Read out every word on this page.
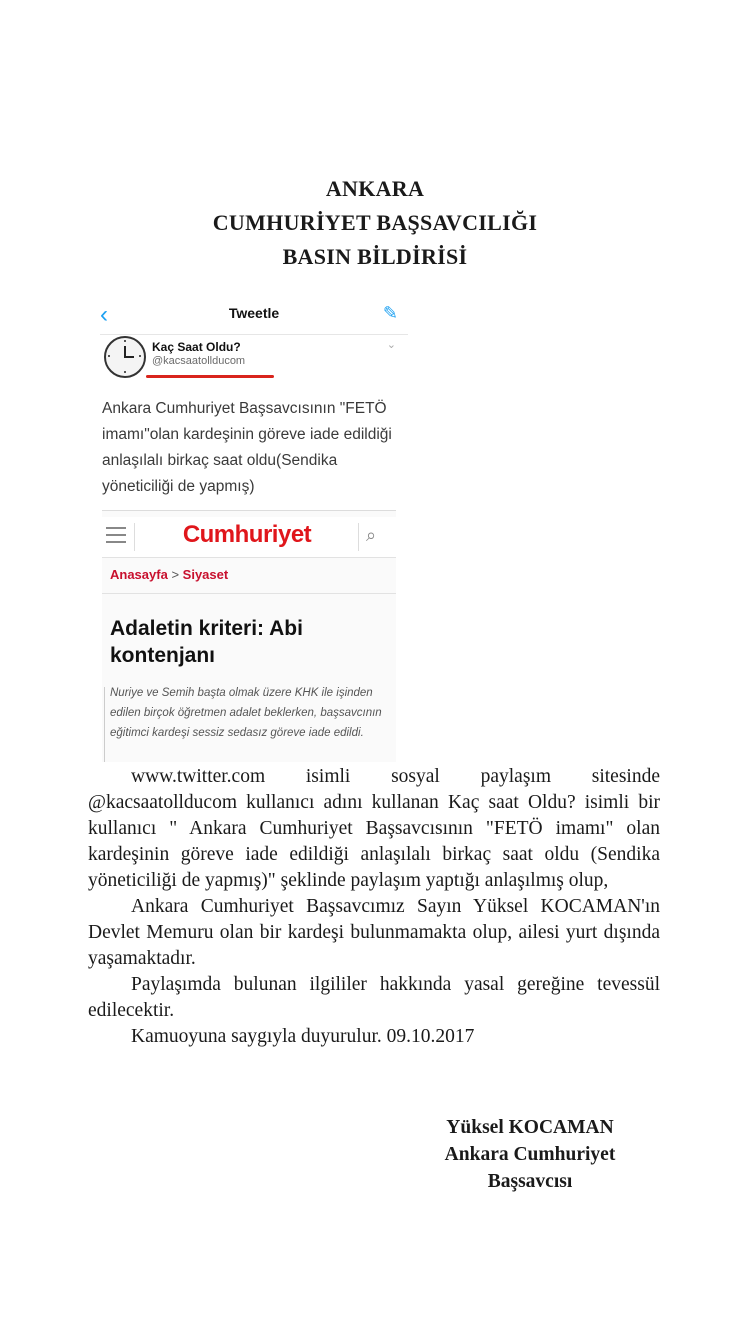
ANKARA
CUMHURİYET BAŞSAVCILIĞI
BASIN BİLDİRİSİ
‹	Tweetle	✎
Kaç Saat Oldu?
@kacsaatollducom
⌄
Ankara Cumhuriyet Başsavcısının "FETÖ imamı"olan kardeşinin göreve iade edildiği anlaşılalı birkaç saat oldu(Sendika yöneticiliği de yapmış)
Cumhuriyet	⌕
Anasayfa > Siyaset
Adaletin kriteri: Abi kontenjanı
Nuriye ve Semih başta olmak üzere KHK ile işinden edilen birçok öğretmen adalet beklerken, başsavcının eğitimci kardeşi sessiz sedasız göreve iade edildi.

www.twitter.com isimli sosyal paylaşım sitesinde @kacsaatollducom kullanıcı adını kullanan Kaç saat Oldu? isimli bir kullanıcı " Ankara Cumhuriyet Başsavcısının "FETÖ imamı" olan kardeşinin göreve iade edildiği anlaşılalı birkaç saat oldu (Sendika yöneticiliği de yapmış)" şeklinde paylaşım yaptığı anlaşılmış olup,

Ankara Cumhuriyet Başsavcımız Sayın Yüksel KOCAMAN'ın Devlet Memuru olan bir kardeşi bulunmamakta olup, ailesi yurt dışında yaşamaktadır.

Paylaşımda bulunan ilgililer hakkında yasal gereğine tevessül edilecektir.

Kamuoyuna saygıyla duyurulur. 09.10.2017

Yüksel KOCAMAN
Ankara Cumhuriyet
Başsavcısı
